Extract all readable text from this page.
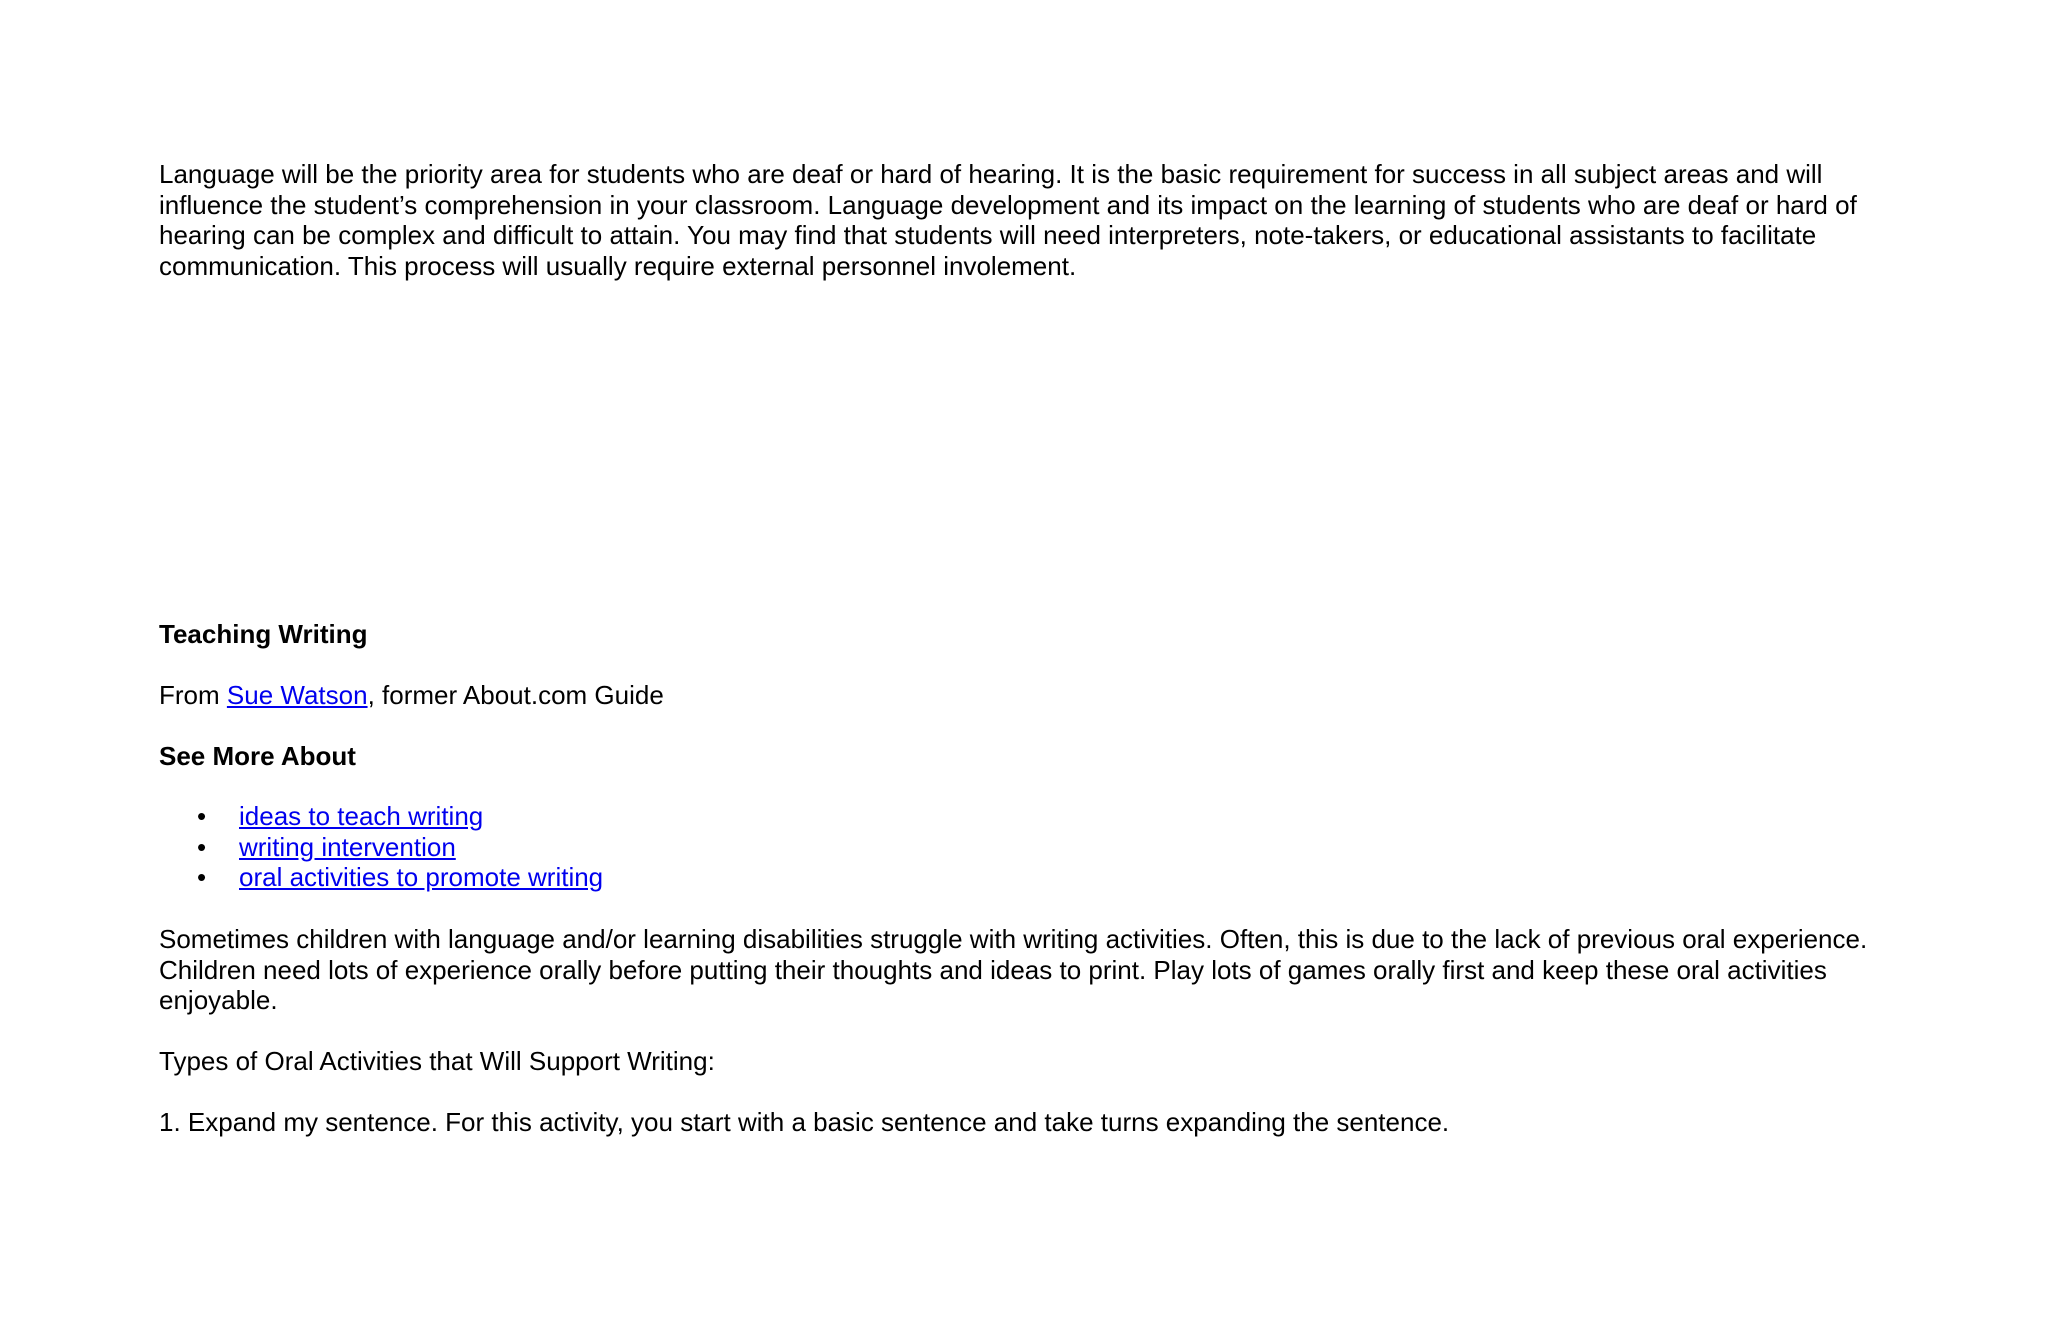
Language will be the priority area for students who are deaf or hard of hearing. It is the basic requirement for success in all subject areas and will influence the student’s comprehension in your classroom. Language development and its impact on the learning of students who are deaf or hard of hearing can be complex and difficult to attain. You may find that students will need interpreters, note-takers, or educational assistants to facilitate communication. This process will usually require external personnel involement.

Teaching Writing

From Sue Watson, former About.com Guide

See More About

• ideas to teach writing
• writing intervention
• oral activities to promote writing

Sometimes children with language and/or learning disabilities struggle with writing activities. Often, this is due to the lack of previous oral experience. Children need lots of experience orally before putting their thoughts and ideas to print. Play lots of games orally first and keep these oral activities enjoyable.

Types of Oral Activities that Will Support Writing:

1. Expand my sentence. For this activity, you start with a basic sentence and take turns expanding the sentence.
